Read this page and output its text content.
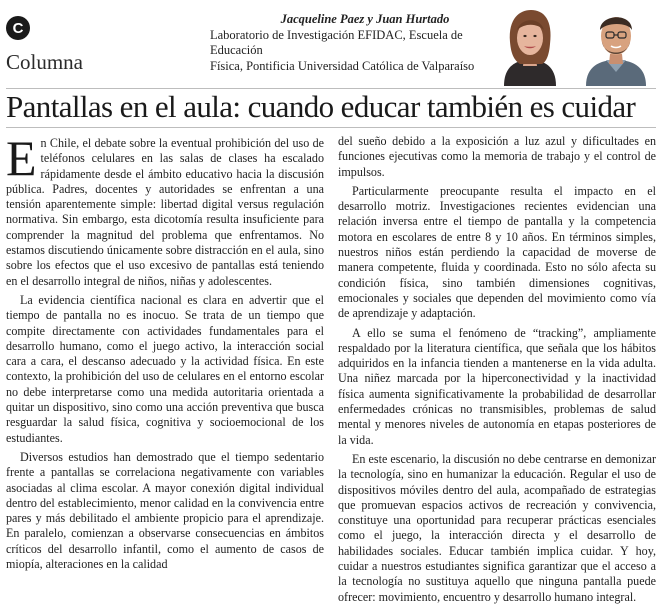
C
Columna
Jacqueline Paez y Juan Hurtado
Laboratorio de Investigación EFIDAC, Escuela de Educación
Física, Pontificia Universidad Católica de Valparaíso
Pantallas en el aula: cuando educar también es cuidar

En Chile, el debate sobre la eventual prohibición del uso de teléfonos celulares en las salas de clases ha escalado rápidamente desde el ámbito educativo hacia la discusión pública. Padres, docentes y autoridades se enfrentan a una tensión aparentemente simple: libertad digital versus regulación normativa. Sin embargo, esta dicotomía resulta insuficiente para comprender la magnitud del problema que enfrentamos. No estamos discutiendo únicamente sobre distracción en el aula, sino sobre los efectos que el uso excesivo de pantallas está teniendo en el desarrollo integral de niños, niñas y adolescentes.

La evidencia científica nacional es clara en advertir que el tiempo de pantalla no es inocuo. Se trata de un tiempo que compite directamente con actividades fundamentales para el desarrollo humano, como el juego activo, la interacción social cara a cara, el descanso adecuado y la actividad física. En este contexto, la prohibición del uso de celulares en el entorno escolar no debe interpretarse como una medida autoritaria orientada a quitar un dispositivo, sino como una acción preventiva que busca resguardar la salud física, cognitiva y socioemocional de los estudiantes.

Diversos estudios han demostrado que el tiempo sedentario frente a pantallas se correlaciona negativamente con variables asociadas al clima escolar. A mayor conexión digital individual dentro del establecimiento, menor calidad en la convivencia entre pares y más debilitado el ambiente propicio para el aprendizaje. En paralelo, comienzan a observarse consecuencias en ámbitos críticos del desarrollo infantil, como el aumento de casos de miopía, alteraciones en la calidad

del sueño debido a la exposición a luz azul y dificultades en funciones ejecutivas como la memoria de trabajo y el control de impulsos.

Particularmente preocupante resulta el impacto en el desarrollo motriz. Investigaciones recientes evidencian una relación inversa entre el tiempo de pantalla y la competencia motora en escolares de entre 8 y 10 años. En términos simples, nuestros niños están perdiendo la capacidad de moverse de manera competente, fluida y coordinada. Esto no sólo afecta su condición física, sino también dimensiones cognitivas, emocionales y sociales que dependen del movimiento como vía de aprendizaje y adaptación.

A ello se suma el fenómeno de “tracking”, ampliamente respaldado por la literatura científica, que señala que los hábitos adquiridos en la infancia tienden a mantenerse en la vida adulta. Una niñez marcada por la hiperconectividad y la inactividad física aumenta significativamente la probabilidad de desarrollar enfermedades crónicas no transmisibles, problemas de salud mental y menores niveles de autonomía en etapas posteriores de la vida.

En este escenario, la discusión no debe centrarse en demonizar la tecnología, sino en humanizar la educación. Regular el uso de dispositivos móviles dentro del aula, acompañado de estrategias que promuevan espacios activos de recreación y convivencia, constituye una oportunidad para recuperar prácticas esenciales como el juego, la interacción directa y el desarrollo de habilidades sociales. Educar también implica cuidar. Y hoy, cuidar a nuestros estudiantes significa garantizar que el acceso a la tecnología no sustituya aquello que ninguna pantalla puede ofrecer: movimiento, encuentro y desarrollo humano integral.
